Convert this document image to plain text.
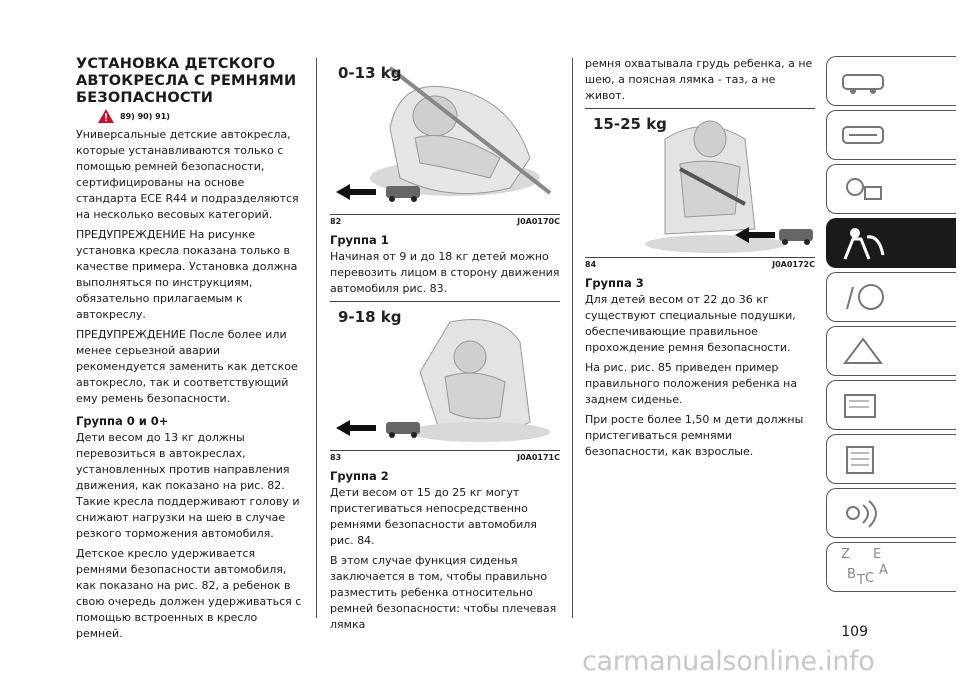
УСТАНОВКА ДЕТСКОГО
АВТОКРЕСЛА С РЕМНЯМИ
БЕЗОПАСНОСТИ
89) 90) 91)

Универсальные детские автокресла, которые устанавливаются только с помощью ремней безопасности, сертифицированы на основе стандарта ECE R44 и подразделяются на несколько весовых категорий.

ПРЕДУПРЕЖДЕНИЕ На рисунке установка кресла показана только в качестве примера. Установка должна выполняться по инструкциям, обязательно прилагаемым к автокреслу.

ПРЕДУПРЕЖДЕНИЕ После более или менее серьезной аварии рекомендуется заменить как детское автокресло, так и соответствующий ему ремень безопасности.

Группа 0 и 0+

Дети весом до 13 кг должны перевозиться в автокреслах, установленных против направления движения, как показано на рис. 82. Такие кресла поддерживают голову и снижают нагрузки на шею в случае резкого торможения автомобиля.

Детское кресло удерживается ремнями безопасности автомобиля, как показано на рис. 82, а ребенок в свою очередь должен удерживаться с помощью встроенных в кресло ремней.

0-13 kg
82	J0A0170C
Группа 1

Начиная от 9 и до 18 кг детей можно перевозить лицом в сторону движения автомобиля рис. 83.

9-18 kg
83	J0A0171C
Группа 2

Дети весом от 15 до 25 кг могут пристегиваться непосредственно ремнями безопасности автомобиля рис. 84.

В этом случае функция сиденья заключается в том, чтобы правильно разместить ребенка относительно ремней безопасности: чтобы плечевая лямка

ремня охватывала грудь ребенка, а не шею, а поясная лямка - таз, а не живот.

15-25 kg
84	J0A0172C
Группа 3

Для детей весом от 22 до 36 кг существуют специальные подушки, обеспечивающие правильное прохождение ремня безопасности.

На рис. рис. 85 приведен пример правильного положения ребенка на заднем сиденье.

При росте более 1,50 м дети должны пристегиваться ремнями безопасности, как взрослые.

Z E
B A
C
T
109
carmanualsonline.info
